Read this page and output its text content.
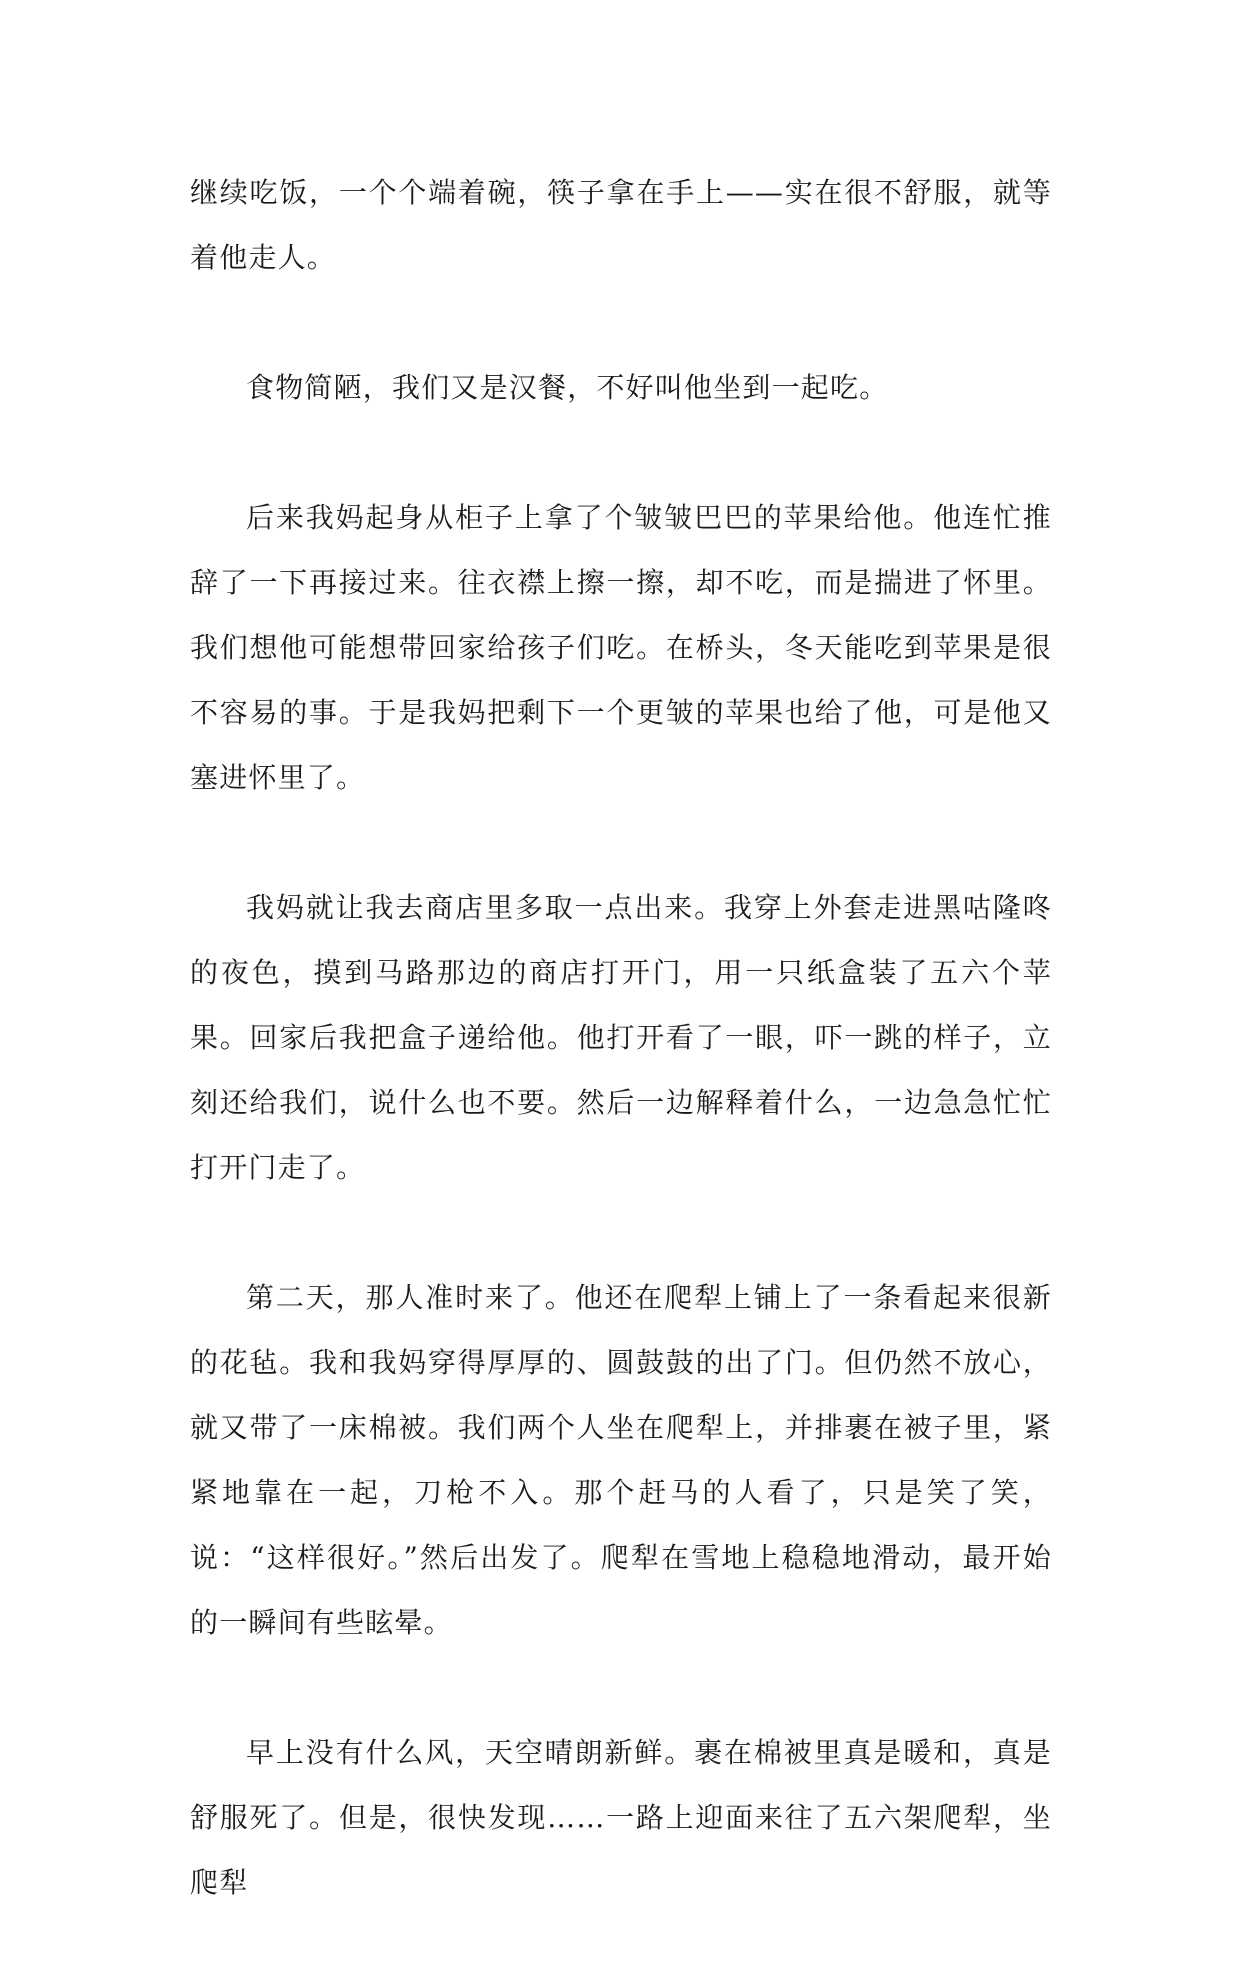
继续吃饭，一个个端着碗，筷子拿在手上——实在很不舒服，就等着他走人。

食物简陋，我们又是汉餐，不好叫他坐到一起吃。

后来我妈起身从柜子上拿了个皱皱巴巴的苹果给他。他连忙推辞了一下再接过来。往衣襟上擦一擦，却不吃，而是揣进了怀里。我们想他可能想带回家给孩子们吃。在桥头，冬天能吃到苹果是很不容易的事。于是我妈把剩下一个更皱的苹果也给了他，可是他又塞进怀里了。

我妈就让我去商店里多取一点出来。我穿上外套走进黑咕隆咚的夜色，摸到马路那边的商店打开门，用一只纸盒装了五六个苹果。回家后我把盒子递给他。他打开看了一眼，吓一跳的样子，立刻还给我们，说什么也不要。然后一边解释着什么，一边急急忙忙打开门走了。

第二天，那人准时来了。他还在爬犁上铺上了一条看起来很新的花毡。我和我妈穿得厚厚的、圆鼓鼓的出了门。但仍然不放心，就又带了一床棉被。我们两个人坐在爬犁上，并排裹在被子里，紧紧地靠在一起，刀枪不入。那个赶马的人看了，只是笑了笑，说：“这样很好。”然后出发了。爬犁在雪地上稳稳地滑动，最开始的一瞬间有些眩晕。

早上没有什么风，天空晴朗新鲜。裹在棉被里真是暖和，真是舒服死了。但是，很快发现……一路上迎面来往了五六架爬犁，坐爬犁
